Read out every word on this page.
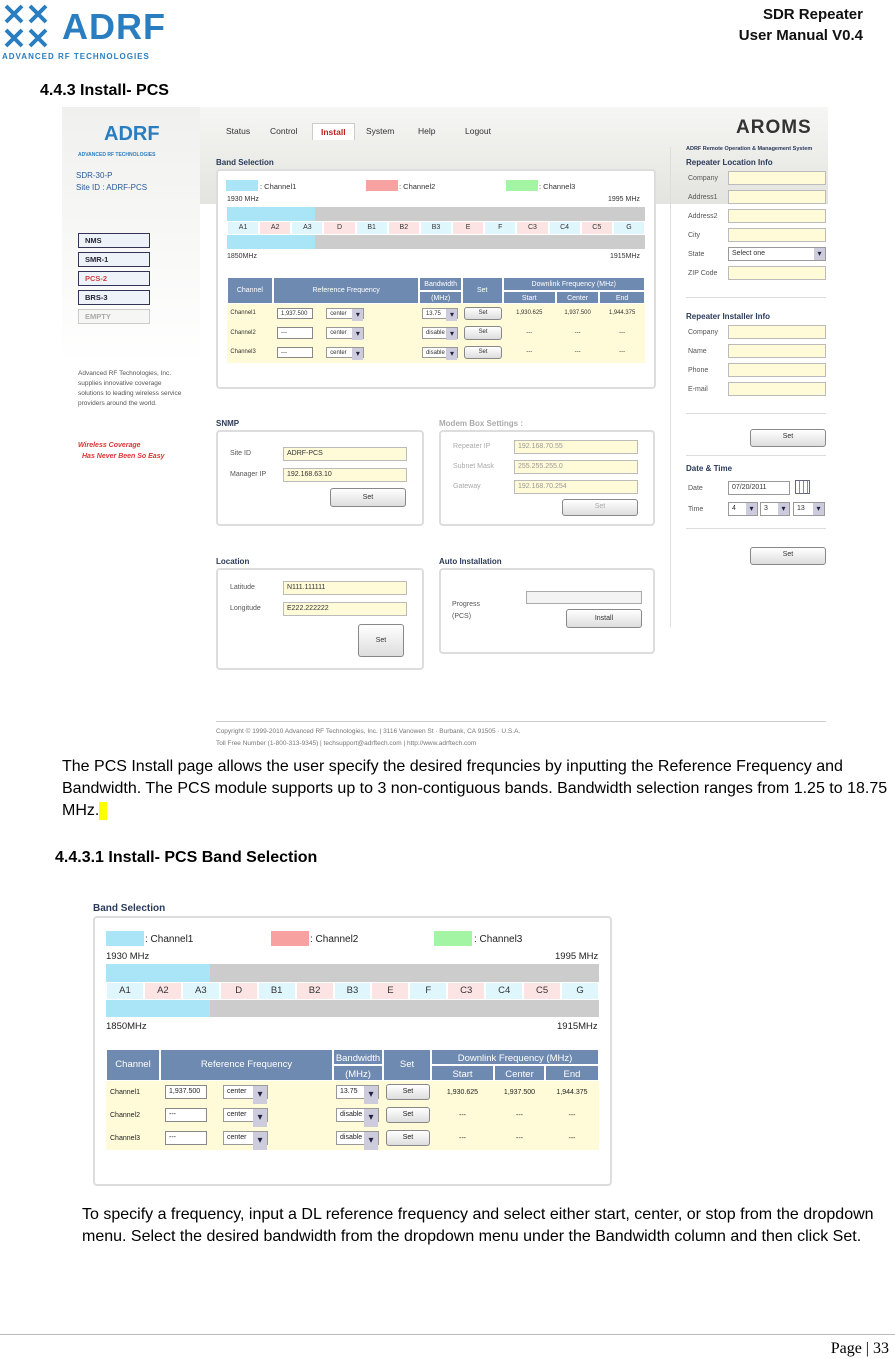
ADRF
ADVANCED RF TECHNOLOGIES
SDR Repeater
User Manual V0.4
4.4.3 Install- PCS
ADRF
ADVANCED RF TECHNOLOGIES
SDR-30-P
Site ID : ADRF-PCS
Status	Control	Install	System	Help	Logout	AROMS
ADRF Remote Operation & Management System
NMS
SMR-1
PCS-2
BRS-3
EMPTY
Advanced RF Technologies, Inc. supplies innovative coverage solutions to leading wireless service providers around the world.
Wireless Coverage
Has Never Been So Easy
Band Selection
: Channel1	: Channel2	: Channel3
1930 MHz	1995 MHz
A1	A2	A3	D	B1	B2	B3	E	F	C3	C4	C5	G
1850MHz	1915MHz
Channel	Reference Frequency
Bandwidth
(MHz)
Set
Downlink Frequency (MHz)
Start	Center	End
Channel1	1,937.500	center ▾	13.75 ▾	Set	1,930.625	1,937.500	1,944.375
Channel2	---	center ▾	disable ▾	Set	---	---	---
Channel3	---	center ▾	disable ▾	Set	---	---	---
SNMP
Site ID	ADRF-PCS
Manager IP	192.168.63.10
Set
Modem Box Settings :
Repeater IP	192.168.70.55
Subnet Mask	255.255.255.0
Gateway	192.168.70.254
Set
Location
Latitude	N111.111111
Longitude	E222.222222
Set
Auto Installation
Progress
(PCS)	Install
Repeater Location Info
Company
Address1
Address2
City
State	Select one ▾
ZIP Code
Repeater Installer Info
Company
Name
Phone
E-mail
Set
Date & Time
Date	07/20/2011
Time	4 ▾	3 ▾	13 ▾
Set
Copyright © 1999-2010 Advanced RF Technologies, Inc. | 3116 Vanowen St · Burbank, CA 91505 · U.S.A.
Toll Free Number (1-800-313-9345) | techsupport@adrftech.com | http://www.adrftech.com
The PCS Install page allows the user specify the desired frequncies by inputting the Reference Frequency and Bandwidth. The PCS module supports up to 3 non-contiguous bands. Bandwidth selection ranges from 1.25 to 18.75 MHz.
4.4.3.1 Install- PCS Band Selection
Band Selection
: Channel1	: Channel2	: Channel3
1930 MHz	1995 MHz
A1	A2	A3	D	B1	B2	B3	E	F	C3	C4	C5	G
1850MHz	1915MHz
Channel	Reference Frequency
Bandwidth
(MHz)
Set
Downlink Frequency (MHz)
Start	Center	End
Channel1	1,937.500	center ▾	13.75 ▾	Set	1,930.625	1,937.500	1,944.375
Channel2	---	center ▾	disable ▾	Set	---	---	---
Channel3	---	center ▾	disable ▾	Set	---	---	---
To specify a frequency, input a DL reference frequency and select either start, center, or stop from the dropdown menu. Select the desired bandwidth from the dropdown menu under the Bandwidth column and then click Set.
Page | 33
